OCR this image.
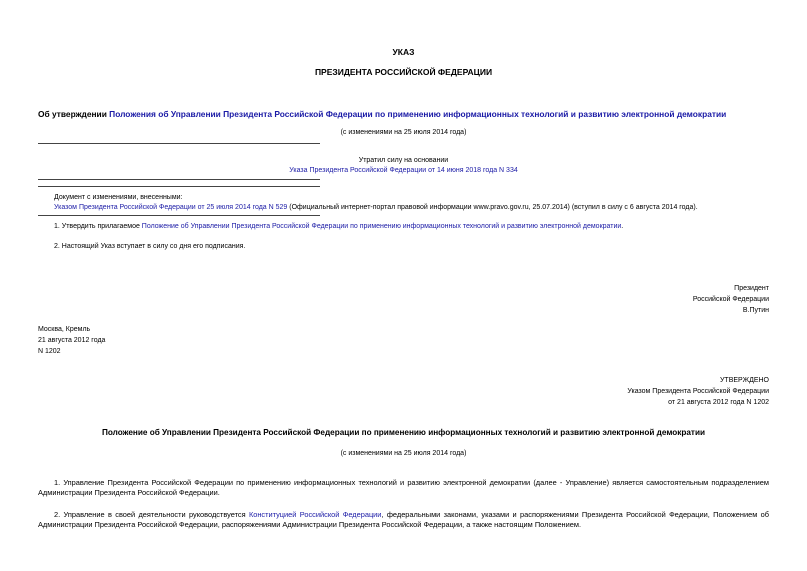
УКАЗ
ПРЕЗИДЕНТА РОССИЙСКОЙ ФЕДЕРАЦИИ
Об утверждении Положения об Управлении Президента Российской Федерации по применению информационных технологий и развитию электронной демократии
(с изменениями на 25 июля 2014 года)
Утратил силу на основании
Указа Президента Российской Федерации от 14 июня 2018 года N 334
Документ с изменениями, внесенными:
Указом Президента Российской Федерации от 25 июля 2014 года N 529 (Официальный интернет-портал правовой информации www.pravo.gov.ru, 25.07.2014) (вступил в силу с 6 августа 2014 года).
1. Утвердить прилагаемое Положение об Управлении Президента Российской Федерации по применению информационных технологий и развитию электронной демократии.
2. Настоящий Указ вступает в силу со дня его подписания.
Президент
Российской Федерации
В.Путин
Москва, Кремль
21 августа 2012 года
N 1202
УТВЕРЖДЕНО
Указом Президента Российской Федерации
от 21 августа 2012 года N 1202
Положение об Управлении Президента Российской Федерации по применению информационных технологий и развитию электронной демократии
(с изменениями на 25 июля 2014 года)
1. Управление Президента Российской Федерации по применению информационных технологий и развитию электронной демократии (далее - Управление) является самостоятельным подразделением Администрации Президента Российской Федерации.
2. Управление в своей деятельности руководствуется Конституцией Российской Федерации, федеральными законами, указами и распоряжениями Президента Российской Федерации, Положением об Администрации Президента Российской Федерации, распоряжениями Администрации Президента Российской Федерации, а также настоящим Положением.
